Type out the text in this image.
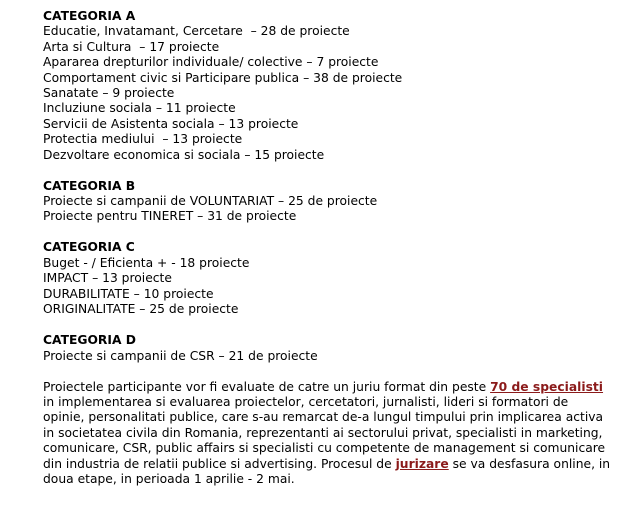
CATEGORIA A
Educatie, Invatamant, Cercetare  – 28 de proiecte
Arta si Cultura  – 17 proiecte
Apararea drepturilor individuale/ colective – 7 proiecte
Comportament civic si Participare publica – 38 de proiecte
Sanatate – 9 proiecte
Incluziune sociala – 11 proiecte
Servicii de Asistenta sociala – 13 proiecte
Protectia mediului  – 13 proiecte
Dezvoltare economica si sociala – 15 proiecte
CATEGORIA B
Proiecte si campanii de VOLUNTARIAT – 25 de proiecte
Proiecte pentru TINERET – 31 de proiecte
CATEGORIA C
Buget - / Eficienta + - 18 proiecte
IMPACT – 13 proiecte
DURABILITATE – 10 proiecte
ORIGINALITATE – 25 de proiecte
CATEGORIA D
Proiecte si campanii de CSR – 21 de proiecte

Proiectele participante vor fi evaluate de catre un juriu format din peste 70 de specialisti in implementarea si evaluarea proiectelor, cercetatori, jurnalisti, lideri si formatori de opinie, personalitati publice, care s-au remarcat de-a lungul timpului prin implicarea activa in societatea civila din Romania, reprezentanti ai sectorului privat, specialisti in marketing, comunicare, CSR, public affairs si specialisti cu competente de management si comunicare din industria de relatii publice si advertising. Procesul de jurizare se va desfasura online, in doua etape, in perioada 1 aprilie - 2 mai.
